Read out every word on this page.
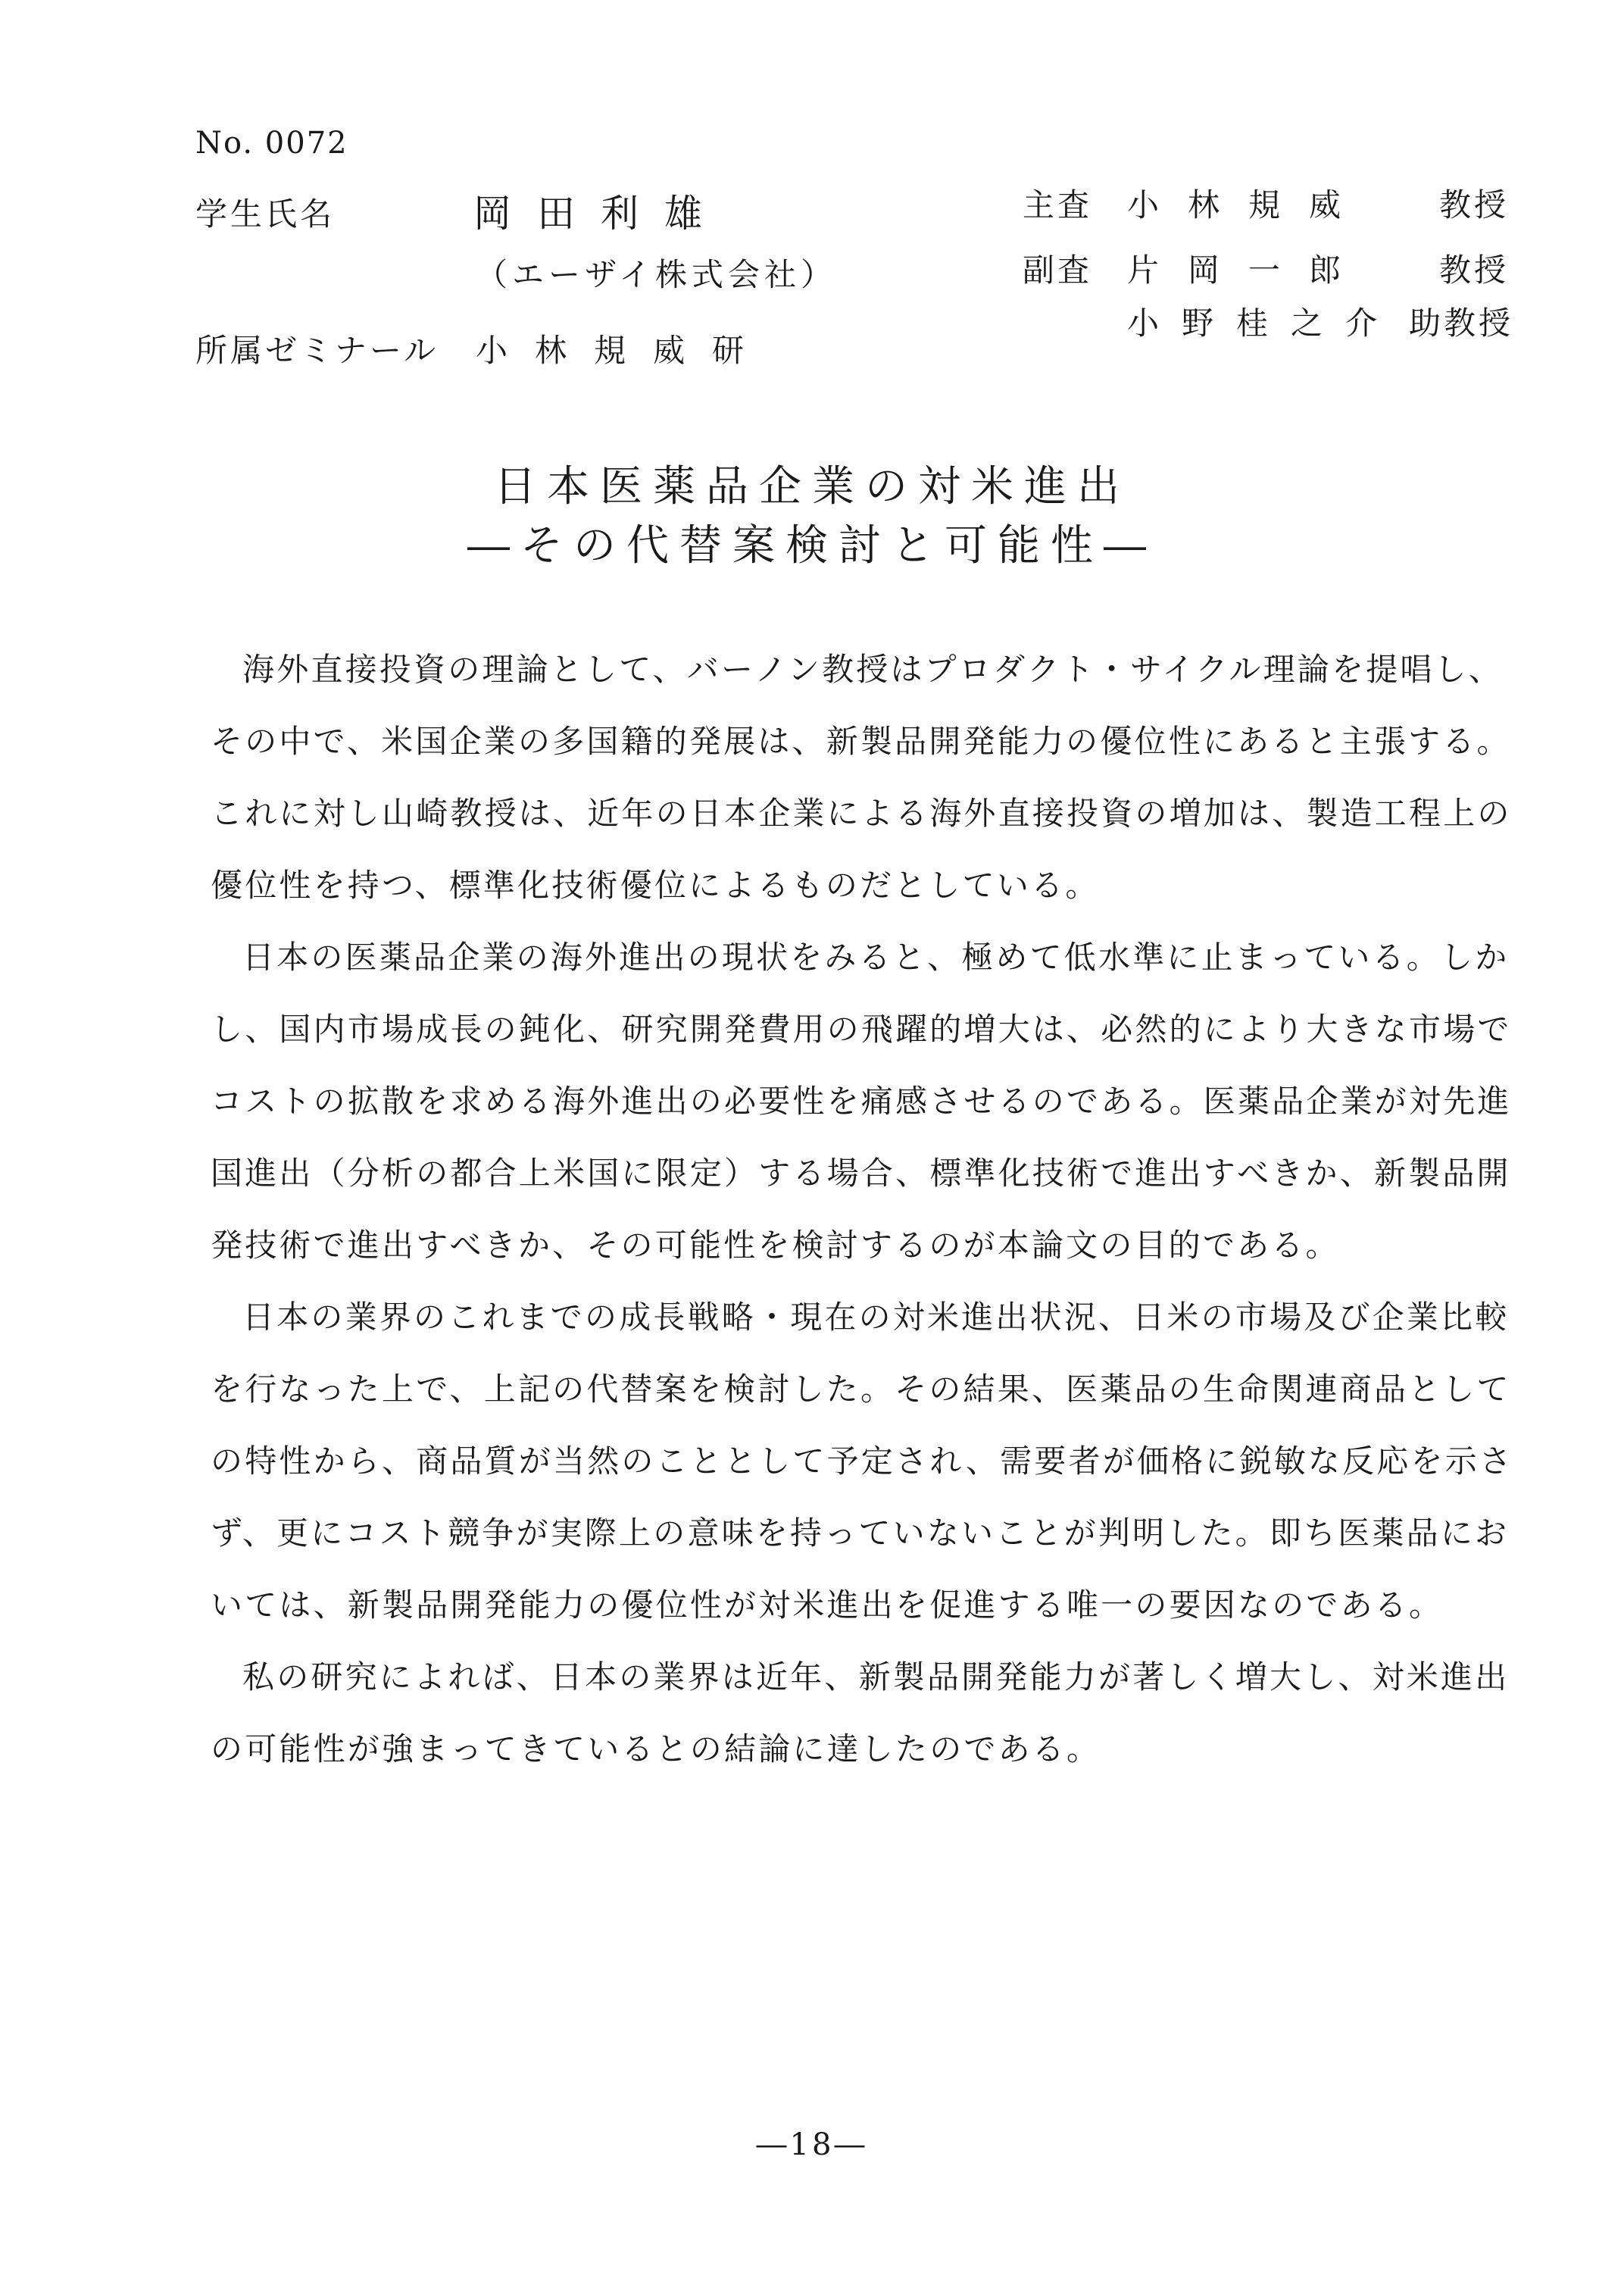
No. 0072
学生氏名	岡田利雄
（エーザイ株式会社）
所属ゼミナール 小林規威研
主査 小林規威 教授
副査 片岡一郎 教授
小野桂之介 助教授
日本医薬品企業の対米進出
―その代替案検討と可能性―

海外直接投資の理論として、バーノン教授はプロダクト・サイクル理論を提唱し、その中で、米国企業の多国籍的発展は、新製品開発能力の優位性にあると主張する。これに対し山崎教授は、近年の日本企業による海外直接投資の増加は、製造工程上の優位性を持つ、標準化技術優位によるものだとしている。

日本の医薬品企業の海外進出の現状をみると、極めて低水準に止まっている。しかし、国内市場成長の鈍化、研究開発費用の飛躍的増大は、必然的により大きな市場でコストの拡散を求める海外進出の必要性を痛感させるのである。医薬品企業が対先進国進出（分析の都合上米国に限定）する場合、標準化技術で進出すべきか、新製品開発技術で進出すべきか、その可能性を検討するのが本論文の目的である。

日本の業界のこれまでの成長戦略・現在の対米進出状況、日米の市場及び企業比較を行なった上で、上記の代替案を検討した。その結果、医薬品の生命関連商品としての特性から、商品質が当然のこととして予定され、需要者が価格に鋭敏な反応を示さず、更にコスト競争が実際上の意味を持っていないことが判明した。即ち医薬品においては、新製品開発能力の優位性が対米進出を促進する唯一の要因なのである。

私の研究によれば、日本の業界は近年、新製品開発能力が著しく増大し、対米進出の可能性が強まってきているとの結論に達したのである。

―18―
